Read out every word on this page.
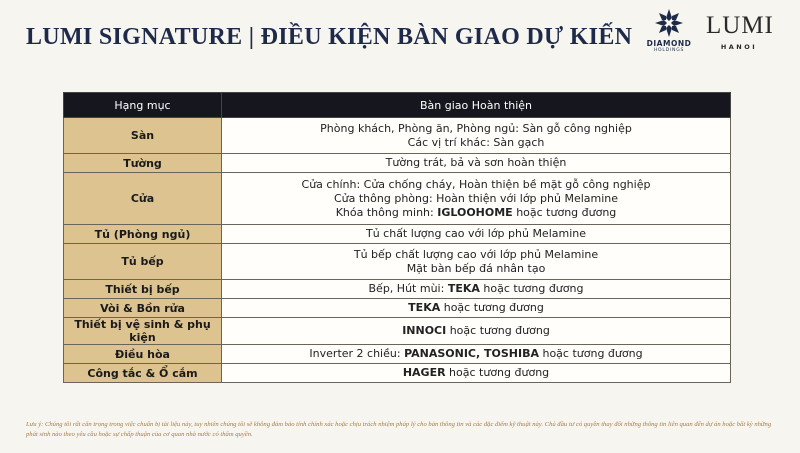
LUMI SIGNATURE | ĐIỀU KIỆN BÀN GIAO DỰ KIẾN	DIAMOND
HOLDINGS
LUMI
HANOI
Hạng mục	Bàn giao Hoàn thiện
Sàn	Phòng khách, Phòng ăn, Phòng ngủ: Sàn gỗ công nghiệp
Các vị trí khác: Sàn gạch

Tường	Tường trát, bả và sơn hoàn thiện

Cửa	Cửa chính: Cửa chống cháy, Hoàn thiện bề mặt gỗ công nghiệp
Cửa thông phòng: Hoàn thiện với lớp phủ Melamine
Khóa thông minh: IGLOOHOME hoặc tương đương

Tủ (Phòng ngủ)	Tủ chất lượng cao với lớp phủ Melamine

Tủ bếp	Tủ bếp chất lượng cao với lớp phủ Melamine
Mặt bàn bếp đá nhân tạo

Thiết bị bếp	Bếp, Hút mùi: TEKA hoặc tương đương

Vòi & Bồn rửa	TEKA hoặc tương đương

Thiết bị vệ sinh & phụ kiện	INNOCI hoặc tương đương

Điều hòa	Inverter 2 chiều: PANASONIC, TOSHIBA hoặc tương đương

Công tắc & Ổ cắm	HAGER hoặc tương đương
Lưu ý: Chúng tôi rất cẩn trọng trong việc chuẩn bị tài liệu này, tuy nhiên chúng tôi sẽ không đảm bảo tính chính xác hoặc chịu trách nhiệm pháp lý cho bản thông tin và các đặc điểm kỹ thuật này. Chủ đầu tư có quyền thay đổi những thông tin liên quan đến dự án hoặc bất kỳ những phát sinh nào theo yêu cầu hoặc sự chấp thuận của cơ quan nhà nước có thẩm quyền.
